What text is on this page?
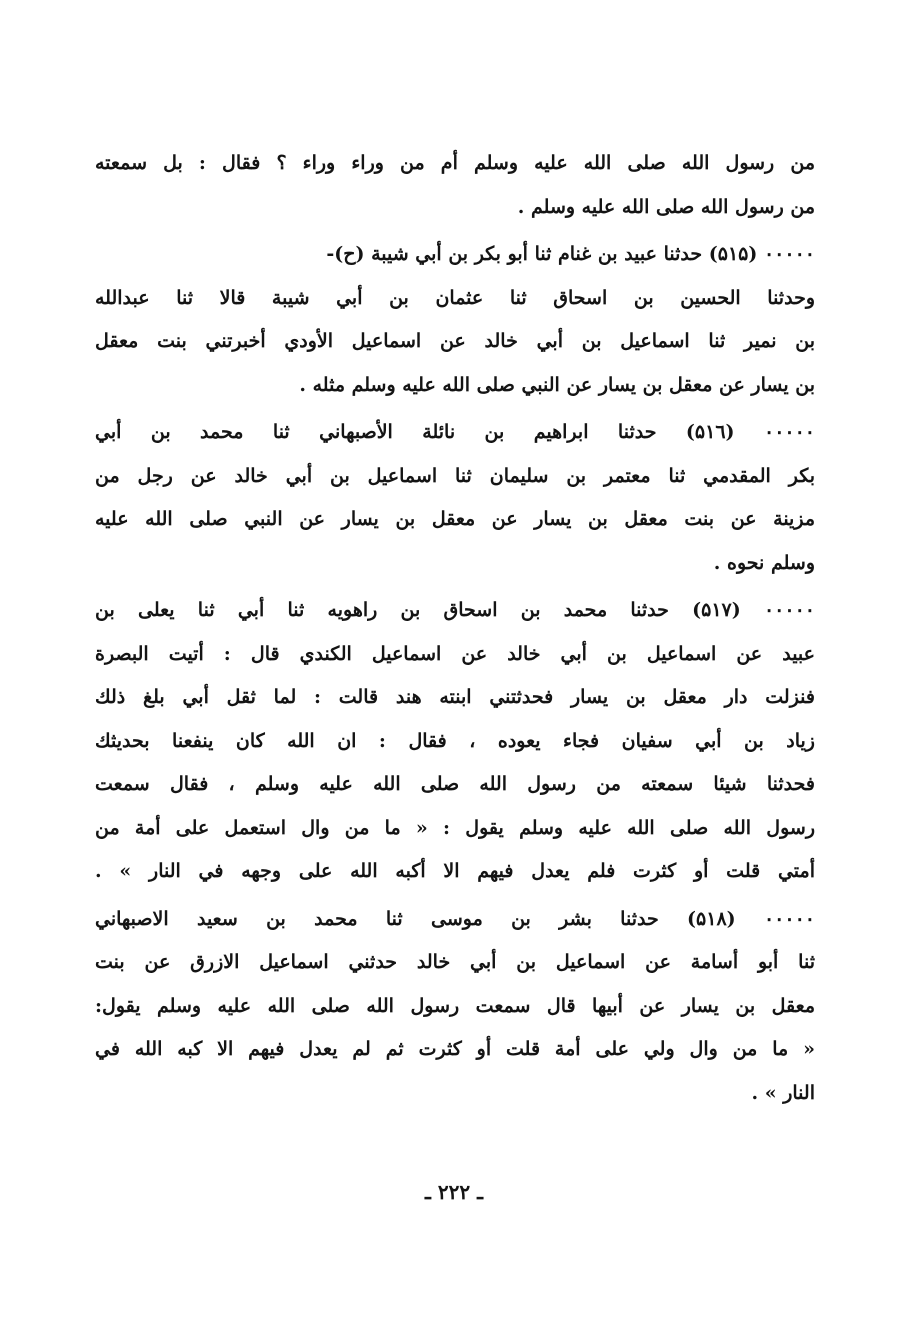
من رسول الله صلى الله عليه وسلم أم من وراء وراء ؟ فقال : بل سمعته
من رسول الله صلى الله عليه وسلم .
۰۰۰۰۰ (۵۱۵) حدثنا عبيد بن غنام ثنا أبو بكر بن أبي شيبة (ح)-
وحدثنا الحسين بن اسحاق ثنا عثمان بن أبي شيبة قالا ثنا عبدالله
بن نمير ثنا اسماعيل بن أبي خالد عن اسماعيل الأودي أخبرتني بنت معقل
بن يسار عن معقل بن يسار عن النبي صلى الله عليه وسلم مثله .
۰۰۰۰۰ (۵۱٦) حدثنا ابراهيم بن نائلة الأصبهاني ثنا محمد بن أبي
بكر المقدمي ثنا معتمر بن سليمان ثنا اسماعيل بن أبي خالد عن رجل من
مزينة عن بنت معقل بن يسار عن معقل بن يسار عن النبي صلى الله عليه
وسلم نحوه .
۰۰۰۰۰ (۵۱۷) حدثنا محمد بن اسحاق بن راهويه ثنا أبي ثنا يعلى بن
عبيد عن اسماعيل بن أبي خالد عن اسماعيل الكندي قال : أتيت البصرة
فنزلت دار معقل بن يسار فحدثتني ابنته هند قالت : لما ثقل أبي بلغ ذلك
زياد بن أبي سفيان فجاء يعوده ، فقال : ان الله كان ينفعنا بحديثك
فحدثنا شيئا سمعته من رسول الله صلى الله عليه وسلم ، فقال سمعت
رسول الله صلى الله عليه وسلم يقول : « ما من وال استعمل على أمة من
أمتي قلت أو كثرت فلم يعدل فيهم الا أكبه الله على وجهه في النار » .
۰۰۰۰۰ (۵۱۸) حدثنا بشر بن موسى ثنا محمد بن سعيد الاصبهاني
ثنا أبو أسامة عن اسماعيل بن أبي خالد حدثني اسماعيل الازرق عن بنت
معقل بن يسار عن أبيها قال سمعت رسول الله صلى الله عليه وسلم يقول:
« ما من وال ولي على أمة قلت أو كثرت ثم لم يعدل فيهم الا كبه الله في
النار » .
ـ ٢٢٢ ـ
